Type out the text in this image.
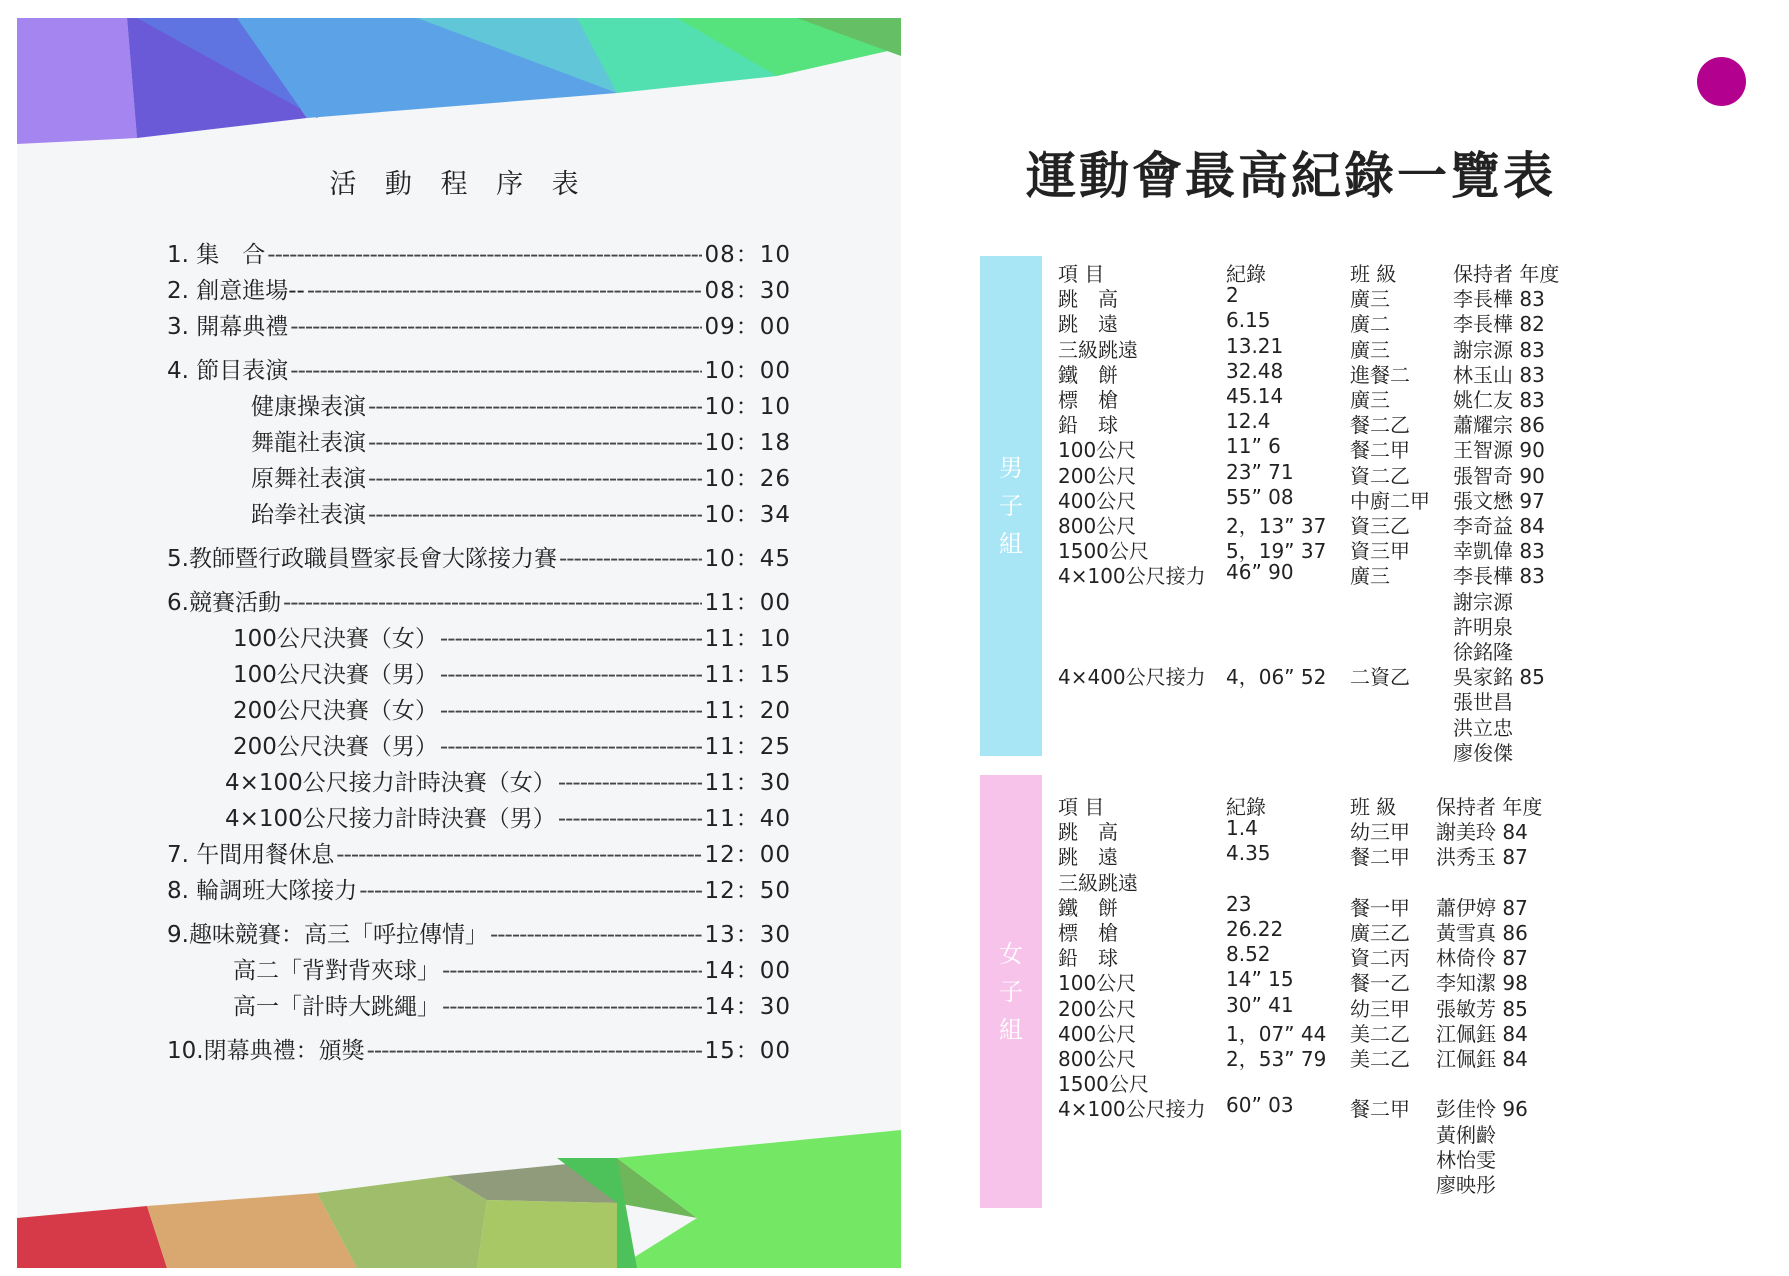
活 動 程 序 表
1. 集　合 -----	08：10
2. 創意進場-- -----	08：30
3. 開幕典禮 -----	09：00
4. 節目表演 -----	10：00
健康操表演 -----	10：10
舞龍社表演 -----	10：18
原舞社表演 -----	10：26
跆拳社表演 -----	10：34
5.教師暨行政職員暨家長會大隊接力賽 -----	10：45
6.競賽活動 -----	11：00
100公尺決賽（女） -----	11：10
100公尺決賽（男） -----	11：15
200公尺決賽（女） -----	11：20
200公尺決賽（男） -----	11：25
4×100公尺接力計時決賽（女） -----	11：30
4×100公尺接力計時決賽（男） -----	11：40
7. 午間用餐休息 -----	12：00
8. 輪調班大隊接力 -----	12：50
9.趣味競賽：高三「呼拉傳情」 -----	13：30
高二「背對背夾球」 -----	14：00
高一「計時大跳繩」 -----	14：30
10.閉幕典禮：頒獎 -----	15：00
運動會最高紀錄一覽表
男子組
女子組
項 目	紀錄	班 級	保持者 年度
跳　高	2	廣三	李長樺 83
跳　遠	6.15	廣二	李長樺 82
三級跳遠	13.21	廣三	謝宗源 83
鐵　餅	32.48	進餐二 林玉山 83
標　槍	45.14	廣三	姚仁友 83
鉛　球	12.4	餐二乙 蕭耀宗 86
100公尺	11” 6	餐二甲 王智源 90
200公尺	23” 71	資二乙 張智奇 90
400公尺	55” 08	中廚二甲 張文懋 97
800公尺	2，13” 37 資三乙 李奇益 84
1500公尺	5，19” 37 資三甲 幸凱偉 83
4×100公尺接力 46” 90	廣三	李長樺 83
謝宗源
許明泉
徐銘隆
4×400公尺接力 4，06” 52 二資乙 吳家銘 85
張世昌
洪立忠
廖俊傑
項 目	紀錄	班 級 保持者 年度
跳　高	1.4	幼三甲 謝美玲 84
跳　遠	4.35	餐二甲 洪秀玉 87
三級跳遠
鐵　餅	23	餐一甲 蕭伊婷 87
標　槍	26.22	廣三乙 黃雪真 86
鉛　球	8.52	資二丙 林倚伶 87
100公尺	14” 15	餐一乙 李知潔 98
200公尺	30” 41	幼三甲 張敏芳 85
400公尺	1，07” 44 美二乙 江佩鈺 84
800公尺	2，53” 79 美二乙 江佩鈺 84
1500公尺
4×100公尺接力 60” 03	餐二甲 彭佳怜 96
黃俐齡
林怡雯
廖映彤
